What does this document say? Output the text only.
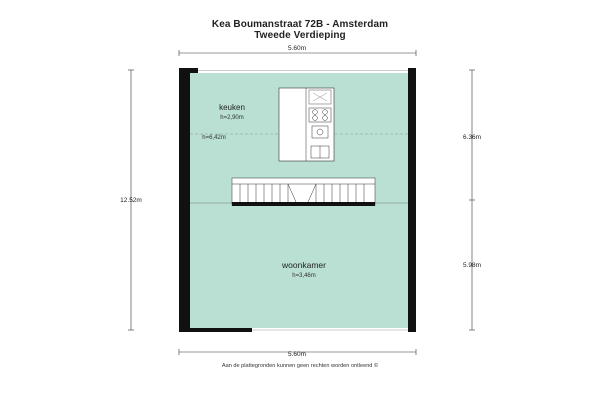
Kea Boumanstraat 72B - Amsterdam
Tweede Verdieping
5.60m
5.60m
12.52m
6.36m
5.98m
keuken
h=2,90m
h=6,42m
woonkamer
h=3,46m
Aan de plattegronden kunnen geen rechten worden ontleend ©
